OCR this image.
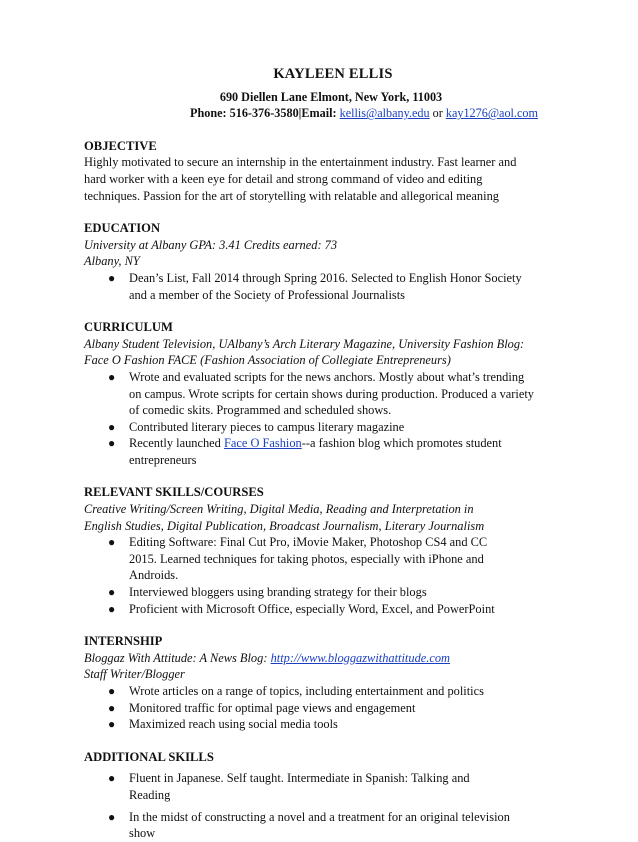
KAYLEEN ELLIS
690 Diellen Lane Elmont, New York, 11003
Phone: 516-376-3580|Email: kellis@albany.edu or kay1276@aol.com
OBJECTIVE

Highly motivated to secure an internship in the entertainment industry. Fast learner and

hard worker with a keen eye for detail and strong command of video and editing

techniques. Passion for the art of storytelling with relatable and allegorical meaning

EDUCATION

University at Albany GPA: 3.41 Credits earned: 73

Albany, NY

● Dean’s List, Fall 2014 through Spring 2016. Selected to English Honor Society
and a member of the Society of Professional Journalists
CURRICULUM

Albany Student Television, UAlbany’s Arch Literary Magazine, University Fashion Blog:

Face O Fashion FACE (Fashion Association of Collegiate Entrepreneurs)

● Wrote and evaluated scripts for the news anchors. Mostly about what’s trending
on campus. Wrote scripts for certain shows during production. Produced a variety
of comedic skits. Programmed and scheduled shows.
● Contributed literary pieces to campus literary magazine
● Recently launched Face O Fashion--a fashion blog which promotes student
entrepreneurs
RELEVANT SKILLS/COURSES

Creative Writing/Screen Writing, Digital Media, Reading and Interpretation in

English Studies, Digital Publication, Broadcast Journalism, Literary Journalism

● Editing Software: Final Cut Pro, iMovie Maker, Photoshop CS4 and CC
2015. Learned techniques for taking photos, especially with iPhone and
Androids.
● Interviewed bloggers using branding strategy for their blogs
● Proficient with Microsoft Office, especially Word, Excel, and PowerPoint
INTERNSHIP

Bloggaz With Attitude: A News Blog: http://www.bloggazwithattitude.com

Staff Writer/Blogger

● Wrote articles on a range of topics, including entertainment and politics
● Monitored traffic for optimal page views and engagement
● Maximized reach using social media tools
ADDITIONAL SKILLS
● Fluent in Japanese. Self taught. Intermediate in Spanish: Talking and
Reading
● In the midst of constructing a novel and a treatment for an original television
show
